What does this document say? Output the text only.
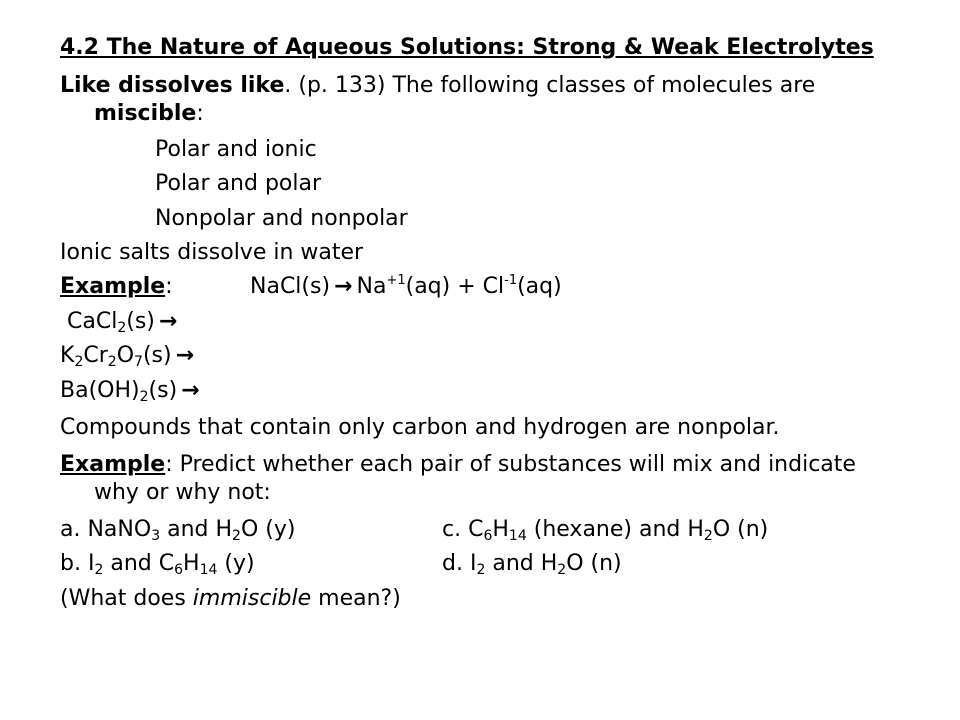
4.2 The Nature of Aqueous Solutions: Strong & Weak Electrolytes
Like dissolves like. (p. 133) The following classes of molecules are
miscible:
Polar and ionic
Polar and polar
Nonpolar and nonpolar
Ionic salts dissolve in water
Example:	NaCl(s) → $Na^{+1}(aq) + Cl^{-1}(aq)$
CaCl$_2$(s) →
$K_2Cr_2O_7(s)$ →
$Ba(OH)_2(s)$ →
Compounds that contain only carbon and hydrogen are nonpolar.
Example: Predict whether each pair of substances will mix and indicate
why or why not:
a. NaNO$_3$ and $H_2O$ (y)	c. $C_6H_{14}$ (hexane) and $H_2O$ (n)
b. $I_2$ and $C_6H_{14}$ (y)	d. $I_2$ and $H_2O$ (n)
(What does immiscible mean?)
